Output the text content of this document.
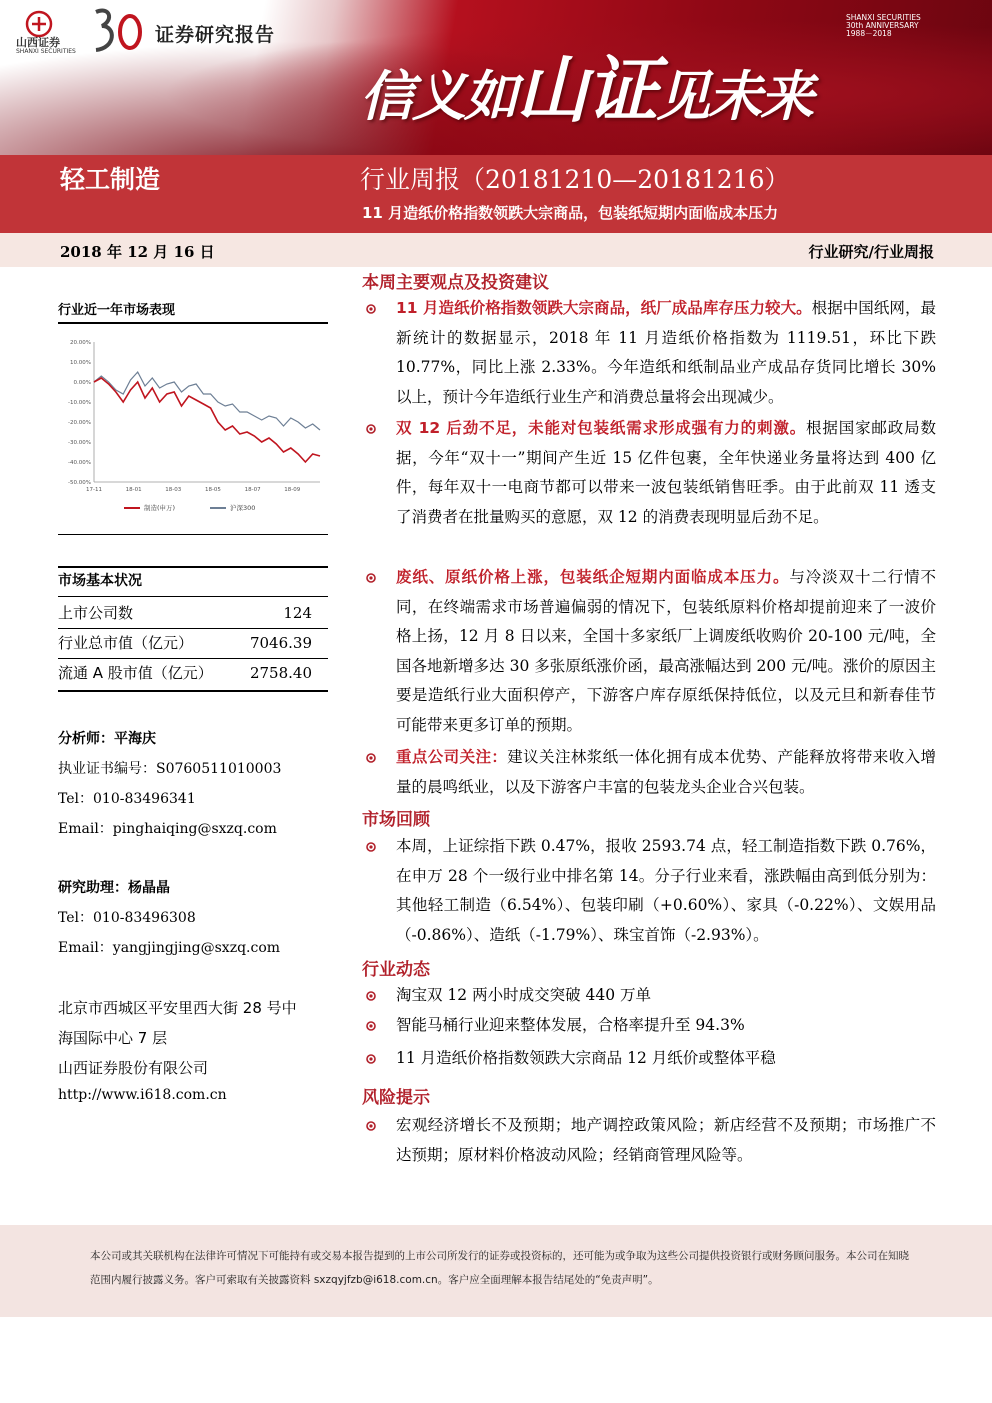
山西证券
SHANXI SECURITIES
证券研究报告
SHANXI SECURITIES
30th ANNIVERSARY
1988－2018
信义如山证见未来
轻工制造	行业周报（20181210—20181216）
11 月造纸价格指数领跌大宗商品，包装纸短期内面临成本压力
2018 年 12 月 16 日	行业研究/行业周报
行业近一年市场表现
20.00%
10.00%
0.00%
-10.00%
-20.00%
-30.00%
-40.00%
-50.00%
17-11	18-01	18-03	18-05	18-07	18-09
制造(申万)	沪深300
市场基本状况
上市公司数	124
行业总市值（亿元）	7046.39
流通 A 股市值（亿元） 2758.40
分析师：平海庆
执业证书编号：S0760511010003
Tel：010-83496341
Email：pinghaiqing@sxzq.com
研究助理：杨晶晶
Tel：010-83496308
Email：yangjingjing@sxzq.com
北京市西城区平安里西大街 28 号中
海国际中心 7 层
山西证券股份有限公司
http://www.i618.com.cn
本周主要观点及投资建议

11 月造纸价格指数领跌大宗商品，纸厂成品库存压力较大。根据中国纸网，最新统计的数据显示，2018 年 11 月造纸价格指数为 1119.51，环比下跌 10.77%，同比上涨 2.33%。今年造纸和纸制品业产成品存货同比增长 30%以上，预计今年造纸行业生产和消费总量将会出现减少。

双 12 后劲不足，未能对包装纸需求形成强有力的刺激。根据国家邮政局数据，今年“双十一”期间产生近 15 亿件包裹，全年快递业务量将达到 400 亿件，每年双十一电商节都可以带来一波包装纸销售旺季。由于此前双 11 透支了消费者在批量购买的意愿，双 12 的消费表现明显后劲不足。

废纸、原纸价格上涨，包装纸企短期内面临成本压力。与冷淡双十二行情不同，在终端需求市场普遍偏弱的情况下，包装纸原料价格却提前迎来了一波价格上扬，12 月 8 日以来，全国十多家纸厂上调废纸收购价 20-100 元/吨，全国各地新增多达 30 多张原纸涨价函，最高涨幅达到 200 元/吨。涨价的原因主要是造纸行业大面积停产，下游客户库存原纸保持低位，以及元旦和新春佳节可能带来更多订单的预期。

重点公司关注：建议关注林浆纸一体化拥有成本优势、产能释放将带来收入增量的晨鸣纸业，以及下游客户丰富的包装龙头企业合兴包装。

市场回顾

本周，上证综指下跌 0.47%，报收 2593.74 点，轻工制造指数下跌 0.76%，在申万 28 个一级行业中排名第 14。分子行业来看，涨跌幅由高到低分别为：其他轻工制造（6.54%）、包装印刷（+0.60%）、家具（-0.22%）、文娱用品（-0.86%）、造纸（-1.79%）、珠宝首饰（-2.93%）。

行业动态

淘宝双 12 两小时成交突破 440 万单

智能马桶行业迎来整体发展，合格率提升至 94.3%

11 月造纸价格指数领跌大宗商品 12 月纸价或整体平稳

风险提示

宏观经济增长不及预期；地产调控政策风险；新店经营不及预期；市场推广不达预期；原材料价格波动风险；经销商管理风险等。

本公司或其关联机构在法律许可情况下可能持有或交易本报告提到的上市公司所发行的证券或投资标的，还可能为或争取为这些公司提供投资银行或财务顾问服务。本公司在知晓范围内履行披露义务。客户可索取有关披露资料 sxzqyjfzb@i618.com.cn。客户应全面理解本报告结尾处的“免责声明”。
